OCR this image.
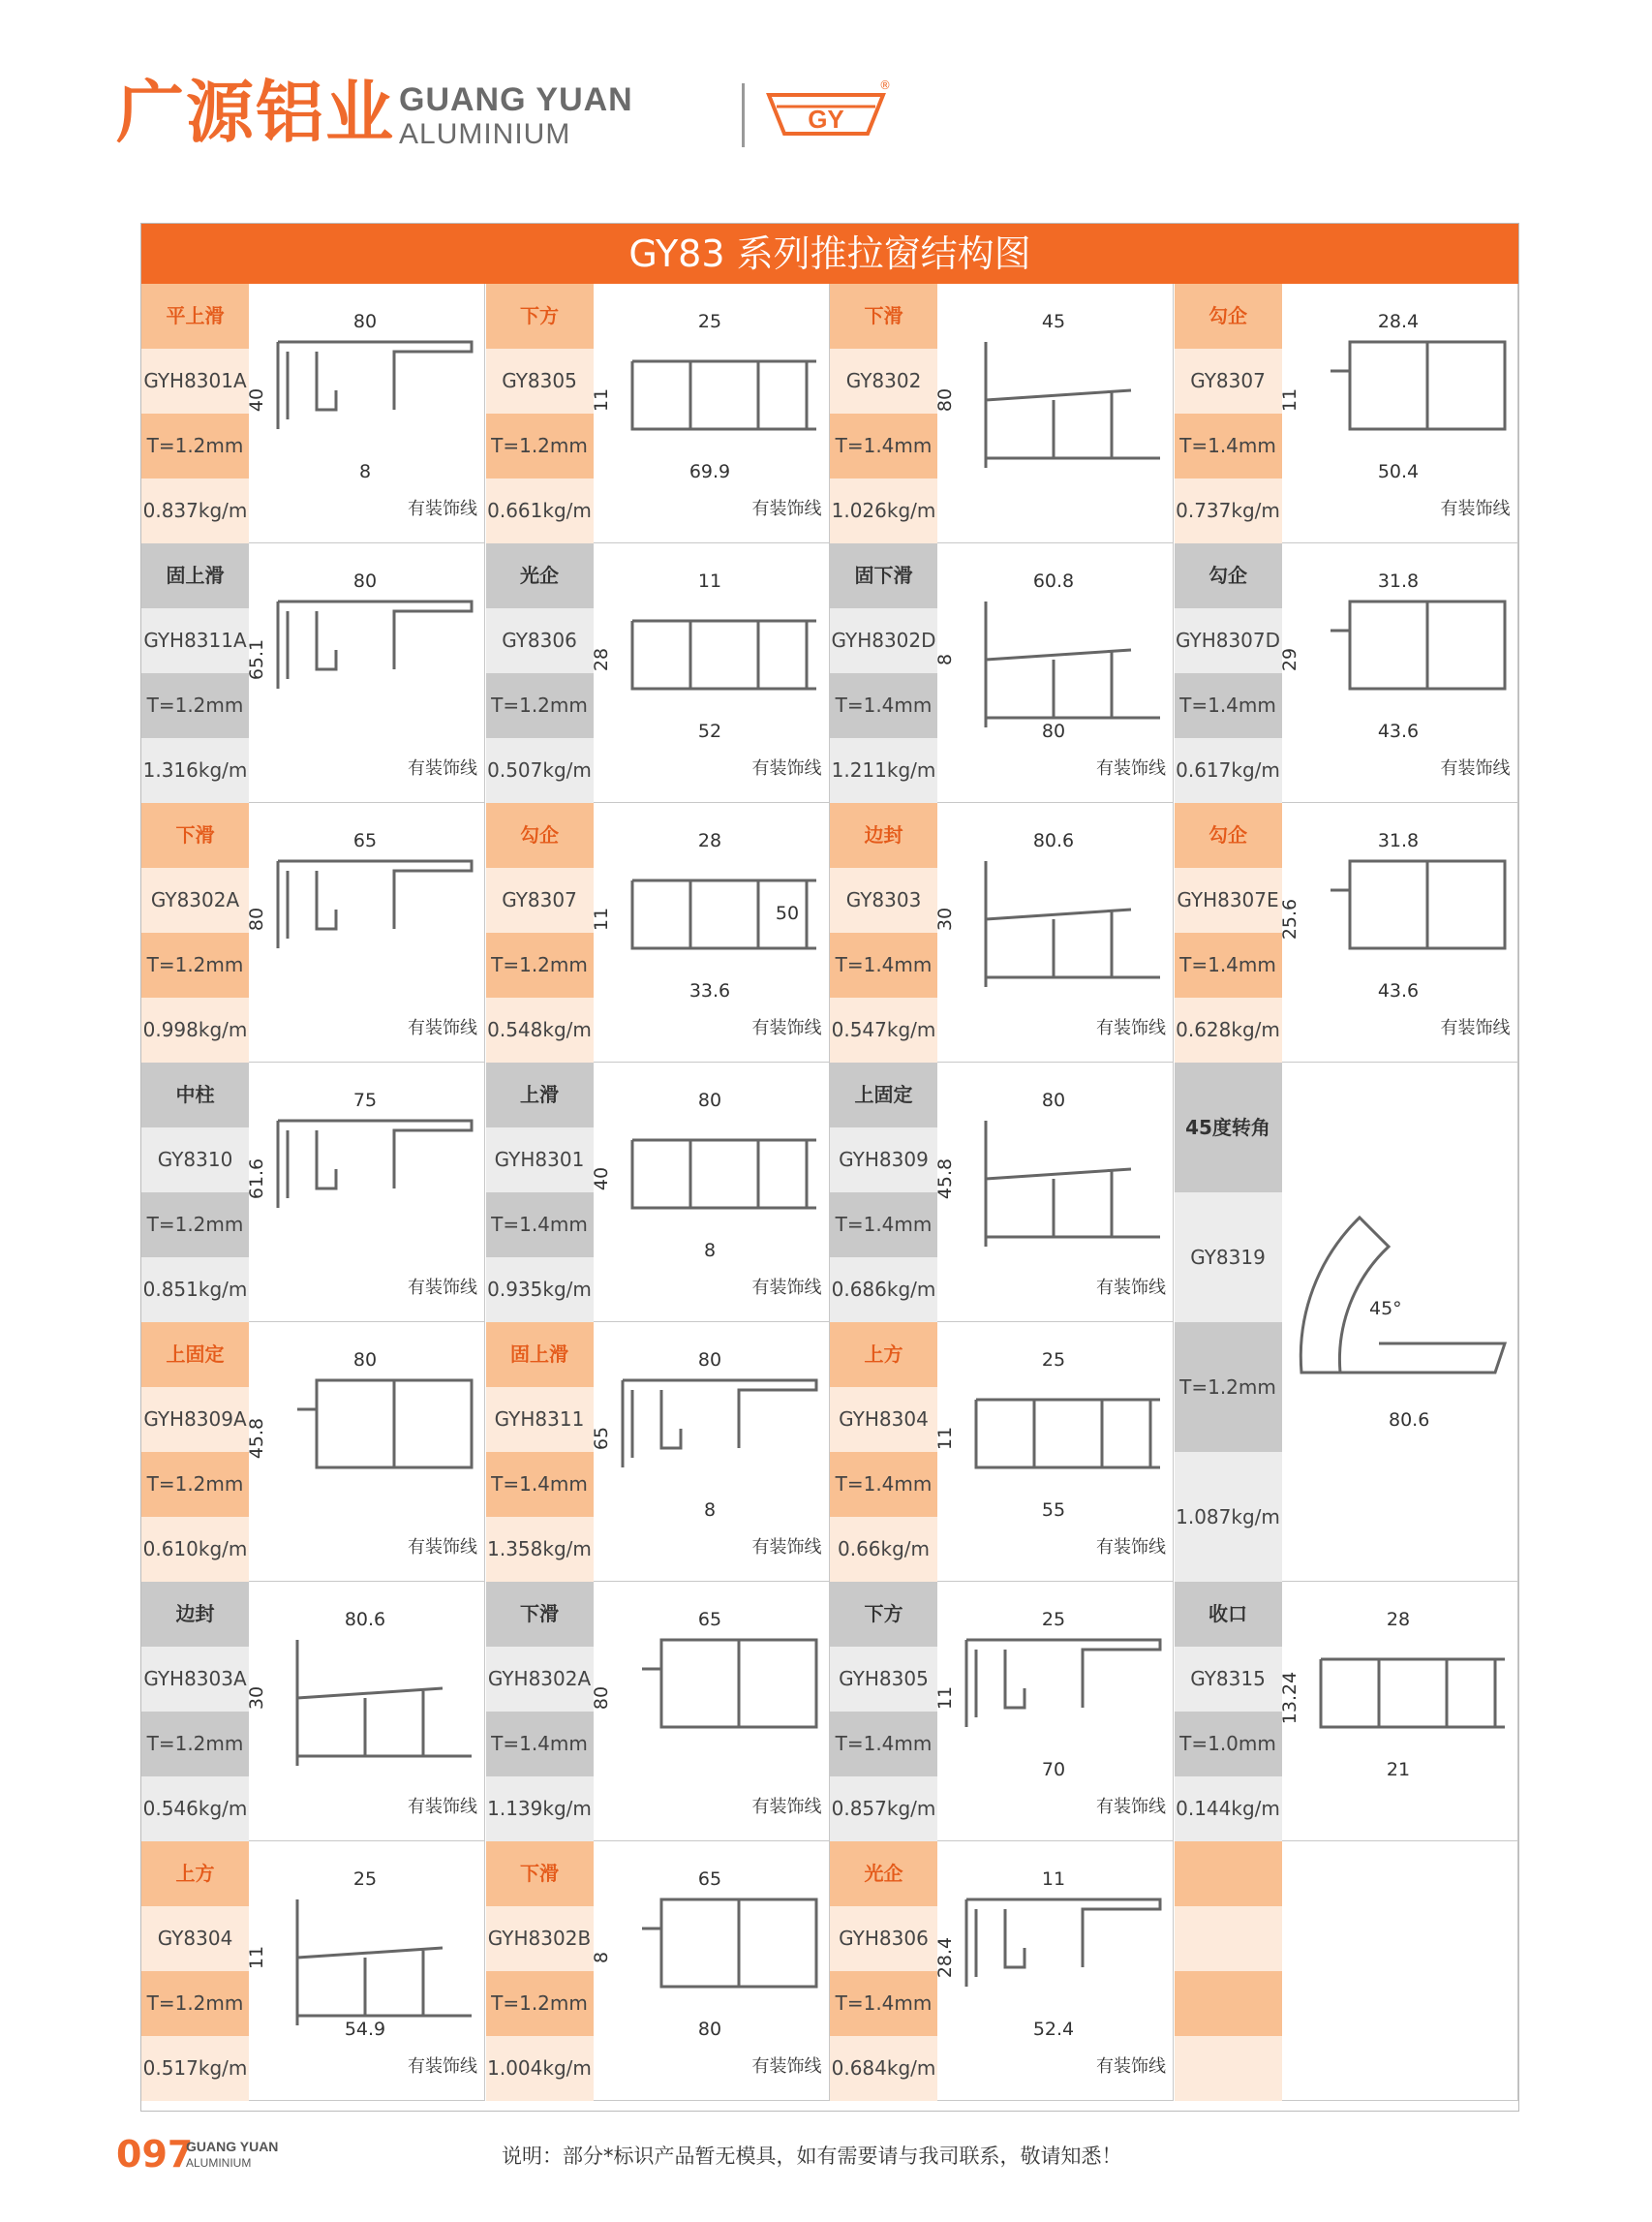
广源铝业 GUANG YUAN
ALUMINIUM	GY
®
GY83 系列推拉窗结构图
平上滑
GYH8301A
T=1.2mm
0.837kg/m
80
40
8
有装饰线
下方
GY8305
T=1.2mm
0.661kg/m
25
11
69.9
有装饰线
下滑
GY8302
T=1.4mm
1.026kg/m
45
80
勾企
GY8307
T=1.4mm
0.737kg/m
28.4
11
50.4
有装饰线
固上滑
GYH8311A
T=1.2mm
1.316kg/m
80
65.1
有装饰线
光企
GY8306
T=1.2mm
0.507kg/m
11
28
52
有装饰线
固下滑
GYH8302D
T=1.4mm
1.211kg/m
60.8
8
80
有装饰线
勾企
GYH8307D
T=1.4mm
0.617kg/m
31.8
29
43.6
有装饰线
下滑
GY8302A
T=1.2mm
0.998kg/m
65
80
有装饰线
勾企
GY8307
T=1.2mm
0.548kg/m
28
11
33.6
50
有装饰线
边封
GY8303
T=1.4mm
0.547kg/m
80.6
30
有装饰线
勾企
GYH8307E
T=1.4mm
0.628kg/m
31.8
25.6
43.6
有装饰线
中柱
GY8310
T=1.2mm
0.851kg/m
75
61.6
有装饰线
上滑
GYH8301
T=1.4mm
0.935kg/m
80
40
8
有装饰线
上固定
GYH8309
T=1.4mm
0.686kg/m
80
45.8
有装饰线
上固定
GYH8309A
T=1.2mm
0.610kg/m
80
45.8
有装饰线
固上滑
GYH8311
T=1.4mm
1.358kg/m
80
65
8
有装饰线
上方
GYH8304
T=1.4mm
0.66kg/m
25
11
55
有装饰线
边封
GYH8303A
T=1.2mm
0.546kg/m
80.6
30
有装饰线
下滑
GYH8302A
T=1.4mm
1.139kg/m
65
80
有装饰线
下方
GYH8305
T=1.4mm
0.857kg/m
25
11
70
有装饰线
收口
GY8315
T=1.0mm
0.144kg/m
28
13.24
21
上方
GY8304
T=1.2mm
0.517kg/m
25
11
54.9
有装饰线
下滑
GYH8302B
T=1.2mm
1.004kg/m
65
8
80
有装饰线
光企
GYH8306
T=1.4mm
0.684kg/m
11
28.4
52.4
有装饰线
45度转角
GY8319
T=1.2mm
1.087kg/m
45°
80.6
097
GUANG YUAN
ALUMINIUM	说明：部分*标识产品暂无模具，如有需要请与我司联系，敬请知悉！
